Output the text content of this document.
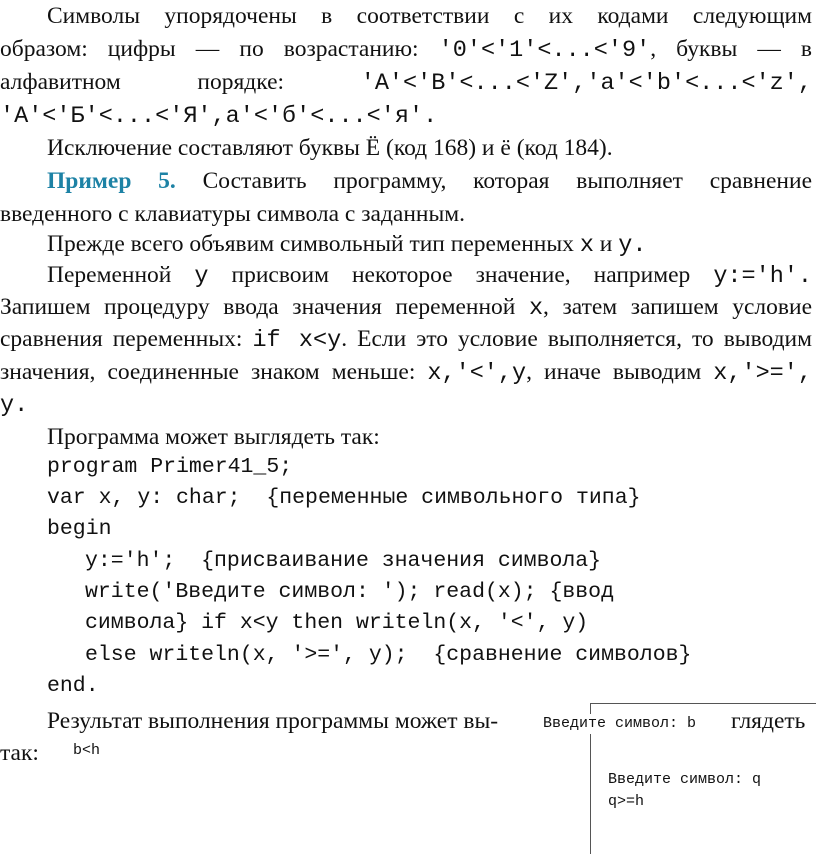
Символы упорядочены в соответствии с их кодами следующим
образом: цифры — по возрастанию: '0'<'1'<...<'9', буквы — в
алфавитном порядке:	'A'<'B'<...<'Z','a'<'b'<...<'z',
'А'<'Б'<...<'Я',а'<'б'<...<'я'.
Исключение составляют буквы Ё (код 168) и ё (код 184).
Пример 5. Составить программу, которая выполняет сравнение
введенного с клавиатуры символа с заданным.
Прежде всего объявим символьный тип переменных x и y.
Переменной y присвоим некоторое значение, например y:='h'.
Запишем процедуру ввода значения переменной x, затем запишем условие
сравнения переменных: if x<y. Если это условие выполняется, то выводим
значения, соединенные знаком меньше: x,'<',y, иначе выводим x,'>=',
y.
Программа может выглядеть так:
program Primer41_5;
var x, y: char;  {переменные символьного типа}
begin
y:='h';  {присваивание значения символа}
write('Введите символ: '); read(x); {ввод
символа} if x<y then writeln(x, '<', y)
else writeln(x, '>=', y);  {сравнение символов}
end.
Результат выполнения программы может вы-	глядеть
так:
Введите символ: b
b<h
Введите символ: q
q>=h
